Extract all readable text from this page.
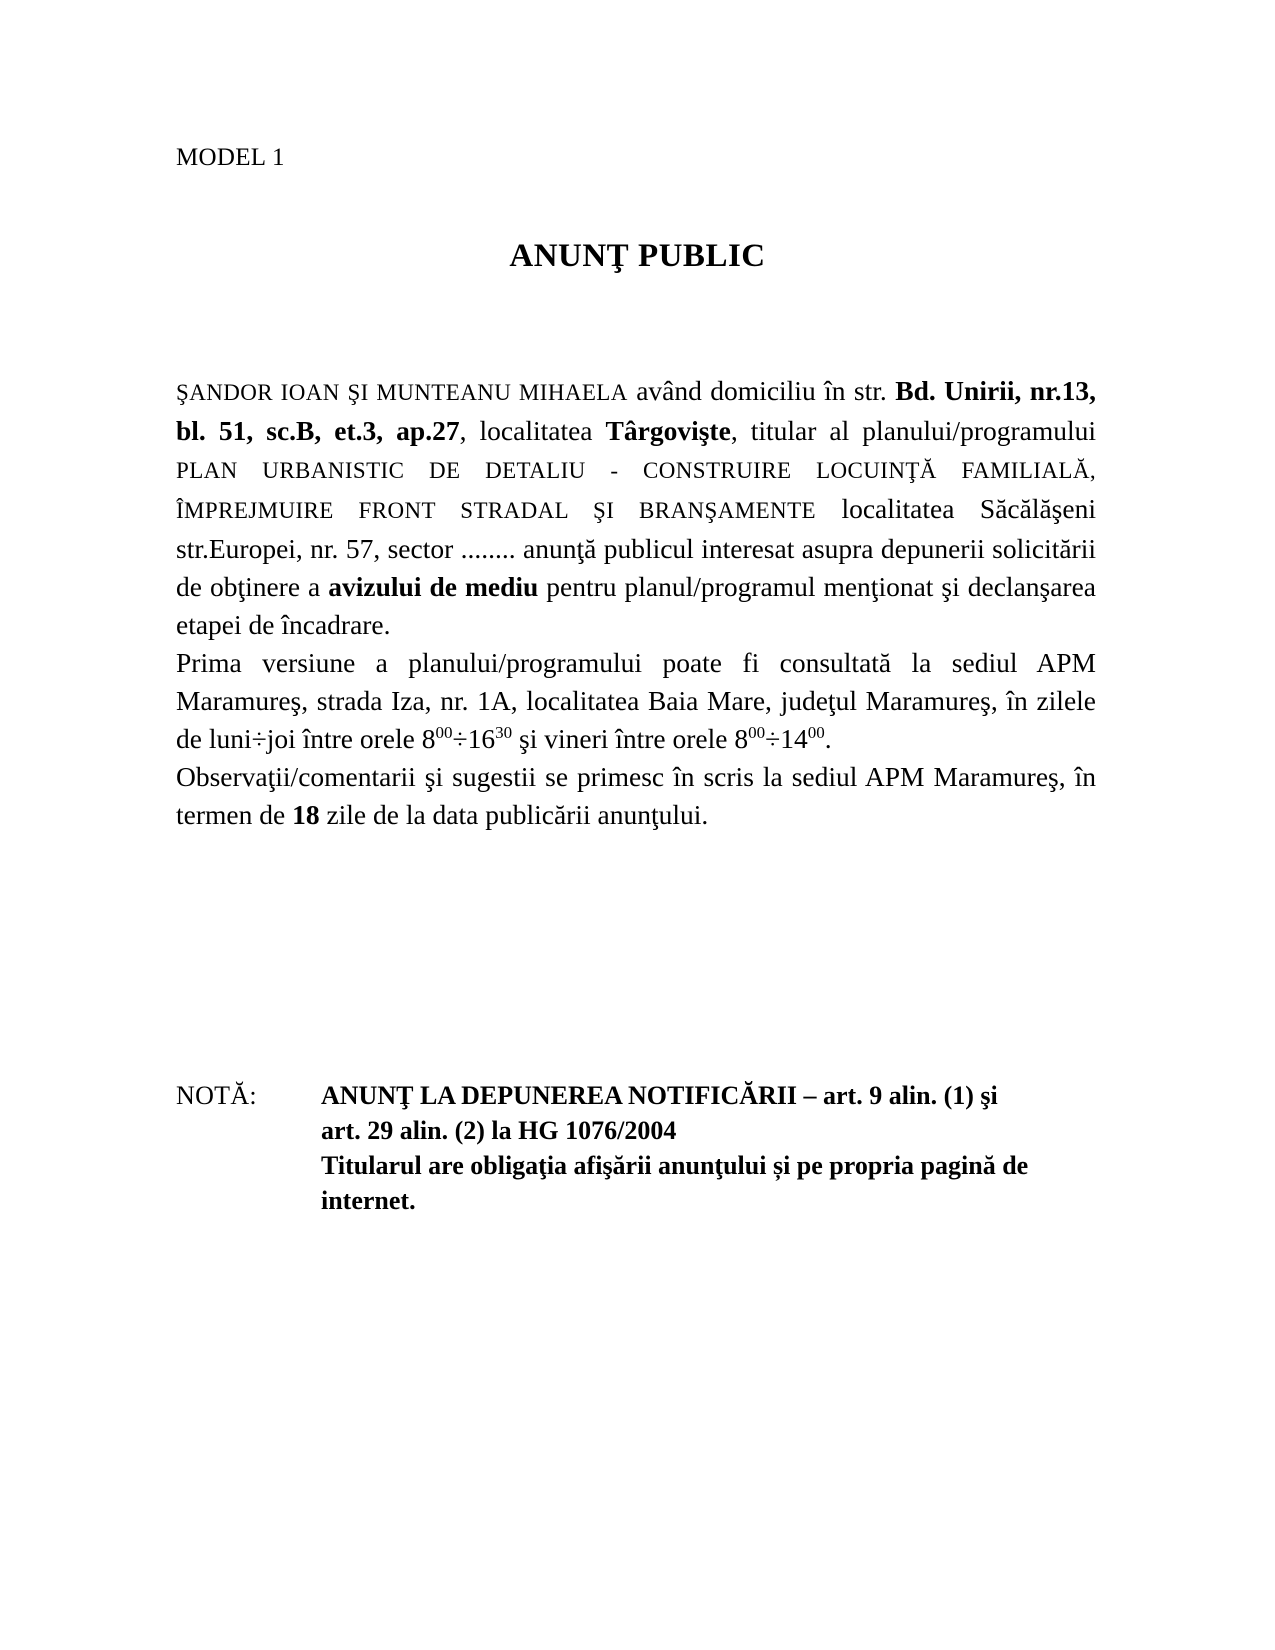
MODEL 1
ANUNŢ PUBLIC

ŞANDOR IOAN ŞI MUNTEANU MIHAELA având domiciliu în str. Bd. Unirii, nr.13, bl. 51, sc.B, et.3, ap.27, localitatea Târgovişte, titular al planului/programului PLAN URBANISTIC DE DETALIU - CONSTRUIRE LOCUINŢĂ FAMILIALĂ, ÎMPREJMUIRE FRONT STRADAL ŞI BRANŞAMENTE localitatea Săcălăşeni str.Europei, nr. 57, sector ........ anunţă publicul interesat asupra depunerii solicitării de obţinere a avizului de mediu pentru planul/programul menţionat şi declanşarea etapei de încadrare.

Prima versiune a planului/programului poate fi consultată la sediul APM Maramureş, strada Iza, nr. 1A, localitatea Baia Mare, judeţul Maramureş, în zilele de luni÷joi între orele $8^{00}\div 16^{30}$ şi vineri între orele $8^{00}\div 14^{00}$.

Observaţii/comentarii şi sugestii se primesc în scris la sediul APM Maramureş, în termen de 18 zile de la data publicării anunţului.

NOTĂ:	ANUNŢ LA DEPUNEREA NOTIFICĂRII – art. 9 alin. (1) şi

art. 29 alin. (2) la HG 1076/2004

Titularul are obligaţia afişării anunţului și pe propria pagină de

internet.
